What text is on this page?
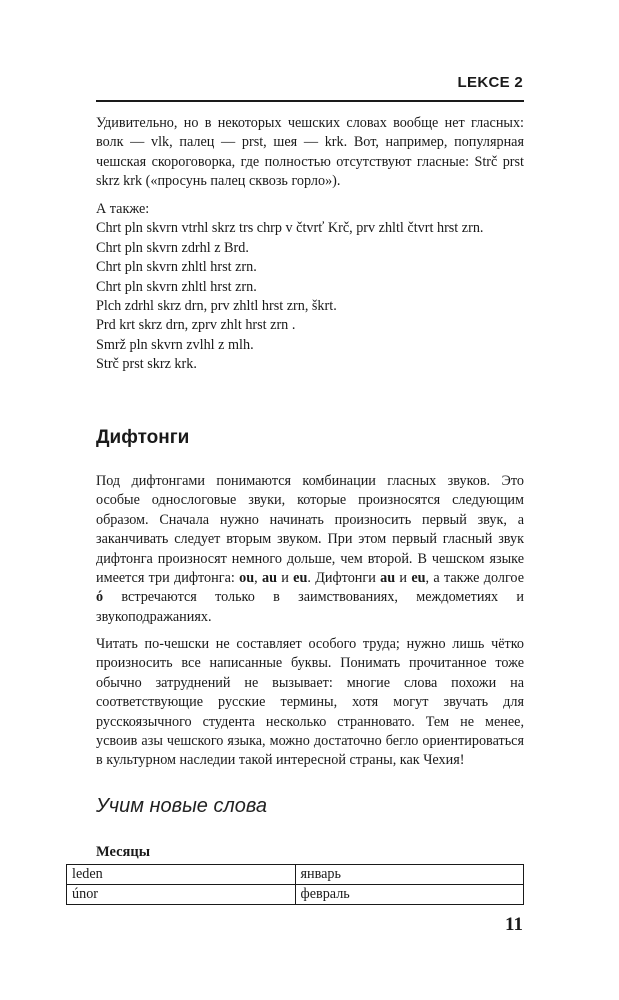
LEKCE 2

Удивительно, но в некоторых чешских словах вообще нет гласных: волк — vlk, палец — prst, шея — krk. Вот, например, популярная чешская скороговорка, где полностью отсутствуют гласные: Strč prst skrz krk («просунь палец сквозь горло»).

А также:

Chrt pln skvrn vtrhl skrz trs chrp v čtvrť Krč, prv zhltl čtvrt hrst zrn.

Chrt pln skvrn zdrhl z Brd.

Chrt pln skvrn zhltl hrst zrn.

Chrt pln skvrn zhltl hrst zrn.

Plch zdrhl skrz drn, prv zhltl hrst zrn, škrt.

Prd krt skrz drn, zprv zhlt hrst zrn .

Smrž pln skvrn zvlhl z mlh.

Strč prst skrz krk.

Дифтонги

Под дифтонгами понимаются комбинации гласных звуков. Это особые однослоговые звуки, которые произносятся следующим образом. Сначала нужно начинать произносить первый звук, а заканчивать следует вторым звуком. При этом первый гласный звук дифтонга произносят немного дольше, чем второй. В чешском языке имеется три дифтонга: ou, au и eu. Дифтонги au и eu, а также долгое ó встречаются только в заимствованиях, междометиях и звукоподражаниях.

Читать по-чешски не составляет особого труда; нужно лишь чётко произносить все написанные буквы. Понимать прочитанное тоже обычно затруднений не вызывает: многие слова похожи на соответствующие русские термины, хотя могут звучать для русскоязычного студента несколько странновато. Тем не менее, усвоив азы чешского языка, можно достаточно бегло ориентироваться в культурном наследии такой интересной страны, как Чехия!

Учим новые слова
Месяцы
leden	январь
únor	февраль
11
